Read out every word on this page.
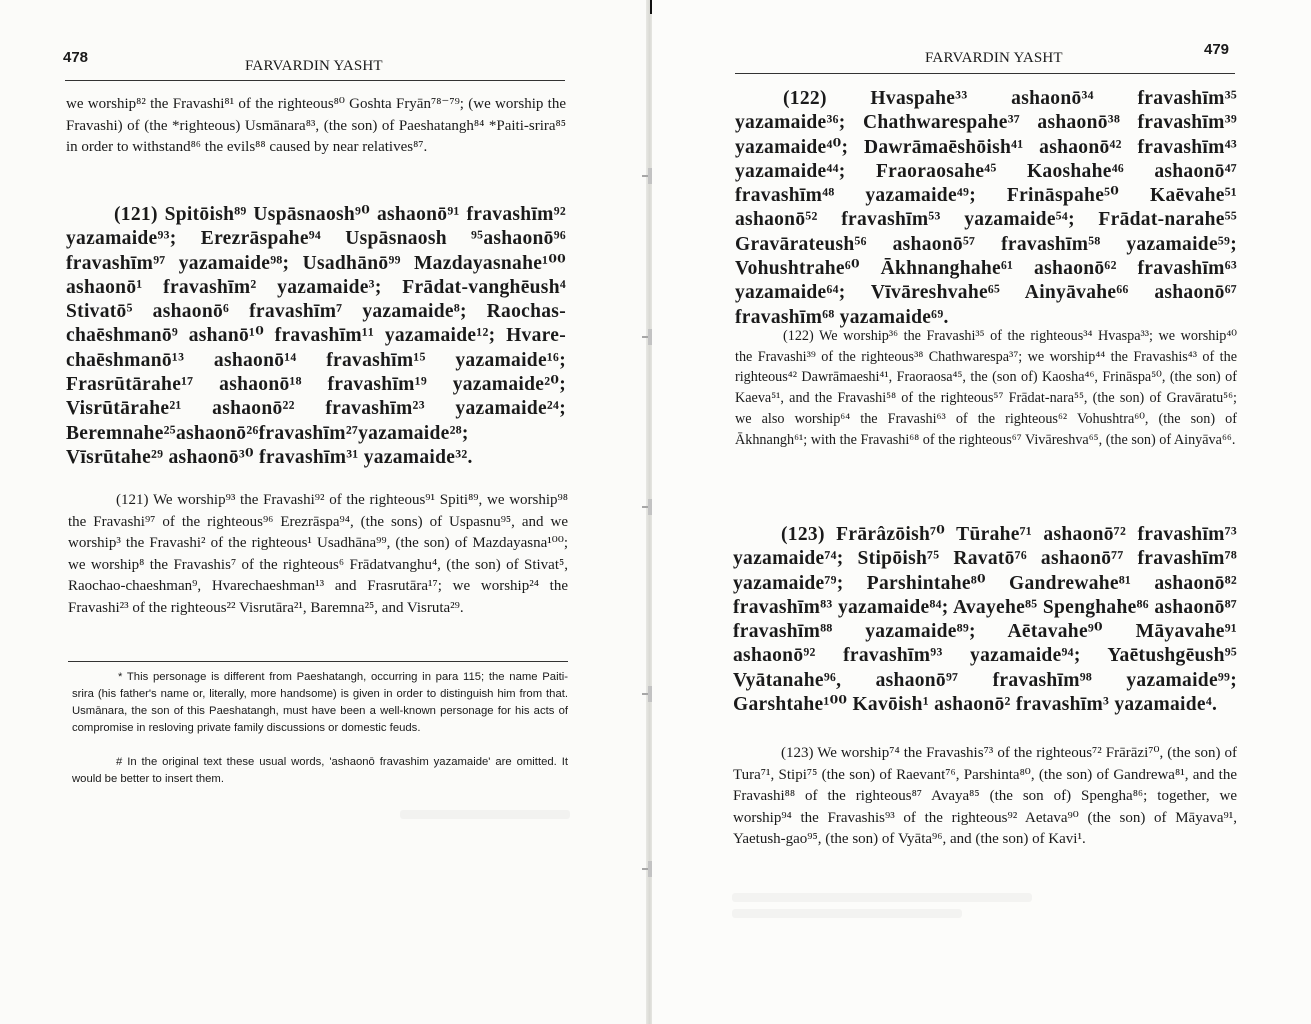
478	FARVARDIN YASHT

we worship⁸² the Fravashi⁸¹ of the righteous⁸⁰ Goshta Fryān⁷⁸⁻⁷⁹; (we worship the Fravashi) of (the *righteous) Usmānara⁸³, (the son) of Paeshatangh⁸⁴ *Paiti-srira⁸⁵ in order to withstand⁸⁶ the evils⁸⁸ caused by near relatives⁸⁷.

(121) Spitōish⁸⁹ Uspāsnaosh⁹⁰ ashaonō⁹¹ fravashīm⁹² yazamaide⁹³; Erezrāspahe⁹⁴ Uspāsnaosh ⁹⁵ashaonō⁹⁶ fravashīm⁹⁷ yazamaide⁹⁸; Usadhānō⁹⁹ Mazdayasnahe¹⁰⁰ ashaonō¹ fravashīm² yazamaide³; Frādat-vanghēush⁴ Stivatō⁵ ashaonō⁶ fravashīm⁷ yazamaide⁸; Raochas-chaēshmanō⁹ ashanō¹⁰ fravashīm¹¹ yazamaide¹²; Hvare-chaēshmanō¹³ ashaonō¹⁴ fravashīm¹⁵ yazamaide¹⁶; Frasrūtārahe¹⁷ ashaonō¹⁸ fravashīm¹⁹ yazamaide²⁰; Visrūtārahe²¹ ashaonō²² fravashīm²³ yazamaide²⁴; Beremnahe²⁵ashaonō²⁶fravashīm²⁷yazamaide²⁸; Vīsrūtahe²⁹ ashaonō³⁰ fravashīm³¹ yazamaide³².

(121) We worship⁹³ the Fravashi⁹² of the righteous⁹¹ Spiti⁸⁹, we worship⁹⁸ the Fravashi⁹⁷ of the righteous⁹⁶ Erezrāspa⁹⁴, (the sons) of Uspasnu⁹⁵, and we worship³ the Fravashi² of the righteous¹ Usadhāna⁹⁹, (the son) of Mazdayasna¹⁰⁰; we worship⁸ the Fravashis⁷ of the righteous⁶ Frādatvanghu⁴, (the son) of Stivat⁵, Raochao-chaeshman⁹, Hvarechaeshman¹³ and Frasrutāra¹⁷; we worship²⁴ the Fravashi²³ of the righteous²² Visrutāra²¹, Baremna²⁵, and Visruta²⁹.

* This personage is different from Paeshatangh, occurring in para 115; the name Paiti-srira (his father's name or, literally, more handsome) is given in order to distinguish him from that. Usmānara, the son of this Paeshatangh, must have been a well-known personage for his acts of compromise in resloving private family discussions or domestic feuds.

# In the original text these usual words, 'ashaonō fravashim yazamaide' are omitted. It would be better to insert them.

479
FARVARDIN YASHT

(122) Hvaspahe³³ ashaonō³⁴ fravashīm³⁵ yazamaide³⁶; Chathwarespahe³⁷ ashaonō³⁸ fravashīm³⁹ yazamaide⁴⁰; Dawrāmaēshōish⁴¹ ashaonō⁴² fravashīm⁴³ yazamaide⁴⁴; Fraoraosahe⁴⁵ Kaoshahe⁴⁶ ashaonō⁴⁷ fravashīm⁴⁸ yazamaide⁴⁹; Frināspahe⁵⁰ Kaēvahe⁵¹ ashaonō⁵² fravashīm⁵³ yazamaide⁵⁴; Frādat-narahe⁵⁵ Gravārateush⁵⁶ ashaonō⁵⁷ fravashīm⁵⁸ yazamaide⁵⁹; Vohushtrahe⁶⁰ Ākhnanghahe⁶¹ ashaonō⁶² fravashīm⁶³ yazamaide⁶⁴; Vīvāreshvahe⁶⁵ Ainyāvahe⁶⁶ ashaonō⁶⁷ fravashīm⁶⁸ yazamaide⁶⁹.

(122) We worship³⁶ the Fravashi³⁵ of the righteous³⁴ Hvaspa³³; we worship⁴⁰ the Fravashi³⁹ of the righteous³⁸ Chathwarespa³⁷; we worship⁴⁴ the Fravashis⁴³ of the righteous⁴² Dawrāmaeshi⁴¹, Fraoraosa⁴⁵, the (son of) Kaosha⁴⁶, Frināspa⁵⁰, (the son) of Kaeva⁵¹, and the Fravashi⁵⁸ of the righteous⁵⁷ Frādat-nara⁵⁵, (the son) of Gravāratu⁵⁶; we also worship⁶⁴ the Fravashi⁶³ of the righteous⁶² Vohushtra⁶⁰, (the son) of Ākhnangh⁶¹; with the Fravashi⁶⁸ of the righteous⁶⁷ Vivāreshva⁶⁵, (the son) of Ainyāva⁶⁶.

(123) Frārâzōish⁷⁰ Tūrahe⁷¹ ashaonō⁷² fravashīm⁷³ yazamaide⁷⁴; Stipōish⁷⁵ Ravatō⁷⁶ ashaonō⁷⁷ fravashīm⁷⁸ yazamaide⁷⁹; Parshintahe⁸⁰ Gandrewahe⁸¹ ashaonō⁸² fravashīm⁸³ yazamaide⁸⁴; Avayehe⁸⁵ Spenghahe⁸⁶ ashaonō⁸⁷ fravashīm⁸⁸ yazamaide⁸⁹; Aētavahe⁹⁰ Māyavahe⁹¹ ashaonō⁹² fravashīm⁹³ yazamaide⁹⁴; Yaētushgēush⁹⁵ Vyātanahe⁹⁶, ashaonō⁹⁷ fravashīm⁹⁸ yazamaide⁹⁹; Garshtahe¹⁰⁰ Kavōish¹ ashaonō² fravashīm³ yazamaide⁴.

(123) We worship⁷⁴ the Fravashis⁷³ of the righteous⁷² Frārāzi⁷⁰, (the son) of Tura⁷¹, Stipi⁷⁵ (the son) of Raevant⁷⁶, Parshinta⁸⁰, (the son) of Gandrewa⁸¹, and the Fravashi⁸⁸ of the righteous⁸⁷ Avaya⁸⁵ (the son of) Spengha⁸⁶; together, we worship⁹⁴ the Fravashis⁹³ of the righteous⁹² Aetava⁹⁰ (the son) of Māyava⁹¹, Yaetush-gao⁹⁵, (the son) of Vyāta⁹⁶, and (the son) of Kavi¹.
